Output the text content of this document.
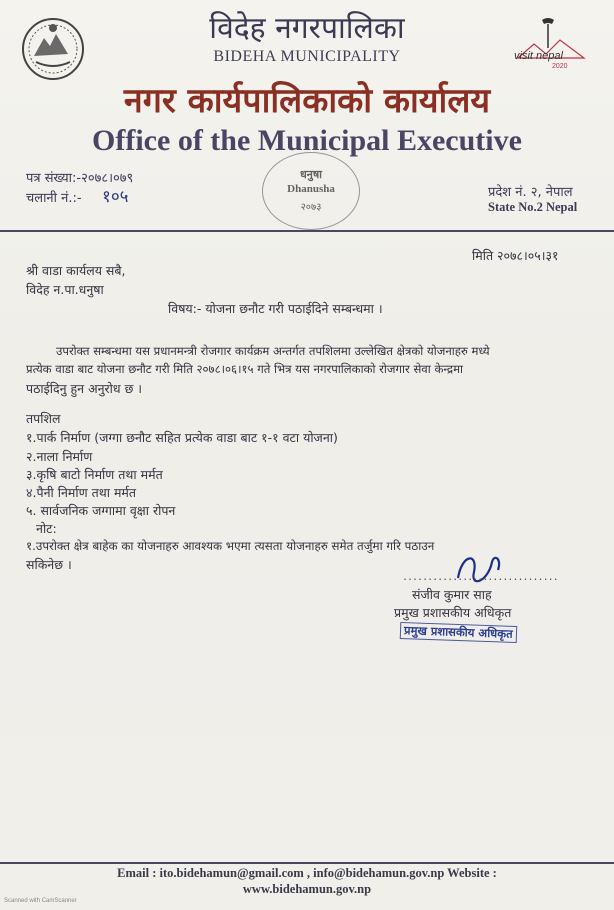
visit nepal
2020
विदेह नगरपालिका
BIDEHA MUNICIPALITY
नगर कार्यपालिकाको कार्यालय
Office of the Municipal Executive
पत्र संख्या:-२०७८।०७९
चलानी नं.:- १०५
धनुषा
Dhanusha
२०७३
प्रदेश नं. २, नेपाल
State No.2 Nepal
मिति २०७८।०५।३१
श्री वाडा कार्यलय सबै,
विदेह न.पा.धनुषा
विषय:- योजना छनौट गरी पठाईदिने सम्बन्धमा ।
उपरोक्त सम्बन्धमा यस प्रधानमन्त्री रोजगार कार्यक्रम अन्तर्गत तपशिलमा उल्लेखित क्षेत्रको योजनाहरु मध्ये
प्रत्येक वाडा बाट योजना छनौट गरी मिति २०७८।०६।१५ गते भित्र यस नगरपालिकाको रोजगार सेवा केन्द्रमा
पठाईदिनु हुन अनुरोध छ ।
तपशिल
१.पार्क निर्माण (जग्गा छनौट सहित प्रत्येक वाडा बाट १-१ वटा योजना)
२.नाला निर्माण
३.कृषि बाटो निर्माण तथा मर्मत
४.पैनी निर्माण तथा मर्मत
५. सार्वजनिक जग्गामा वृक्षा रोपन
नोट:
१.उपरोक्त क्षेत्र बाहेक का योजनाहरु आवश्यक भएमा त्यसता योजनाहरु समेत तर्जुमा गरि पठाउन
सकिनेछ ।
...............................
संजीव कुमार साह
प्रमुख प्रशासकीय अधिकृत
प्रमुख प्रशासकीय अधिकृत
Email : ito.bidehamun@gmail.com , info@bidehamun.gov.np Website :
www.bidehamun.gov.np
Scanned with CamScanner
